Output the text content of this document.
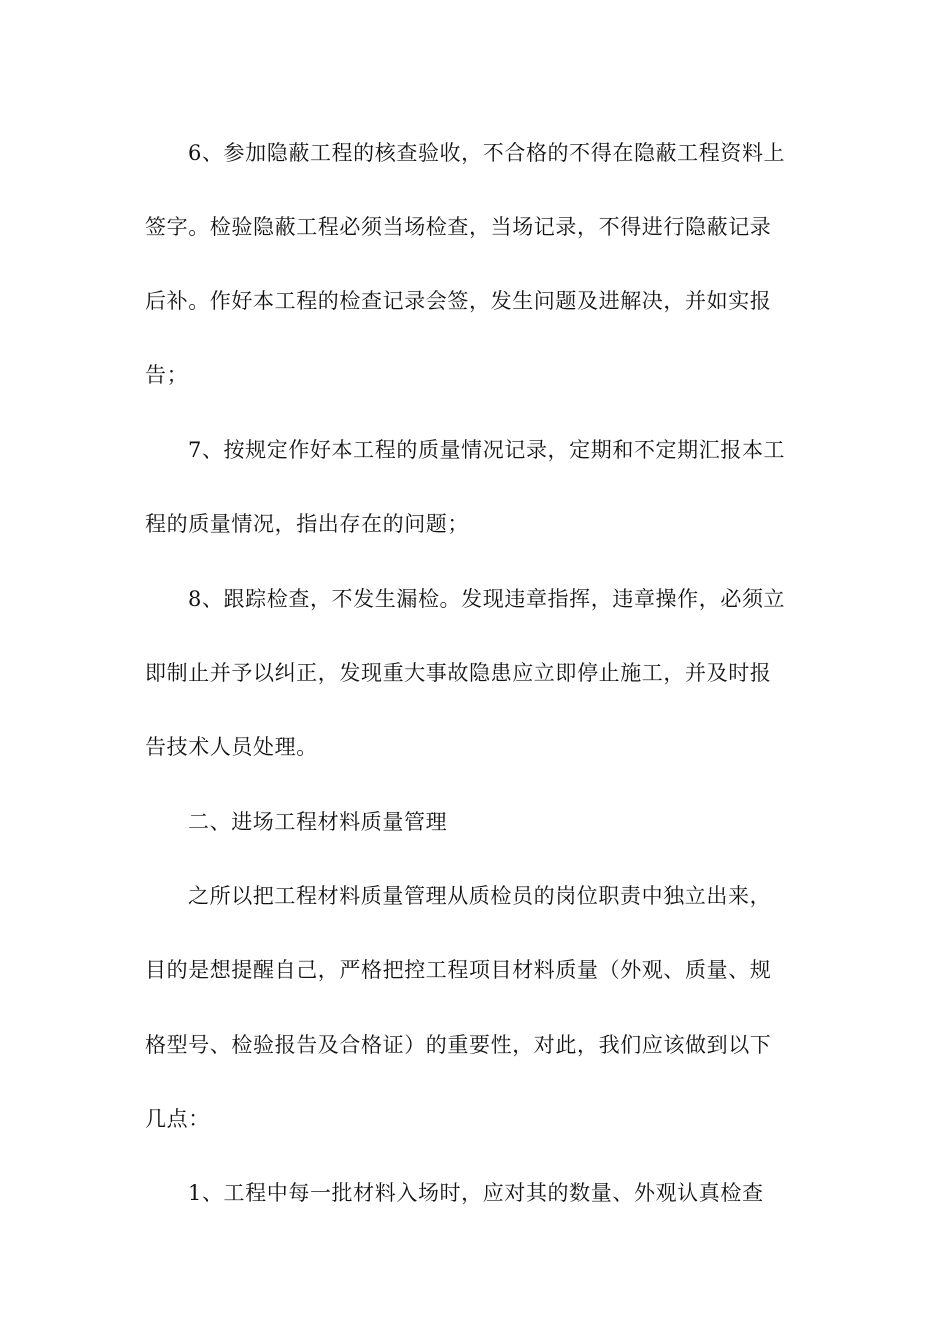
6、参加隐蔽工程的核查验收，不合格的不得在隐蔽工程资料上
签字。检验隐蔽工程必须当场检查，当场记录，不得进行隐蔽记录
后补。作好本工程的检查记录会签，发生问题及进解决，并如实报
告；
7、按规定作好本工程的质量情况记录，定期和不定期汇报本工
程的质量情况，指出存在的问题；
8、跟踪检查，不发生漏检。发现违章指挥，违章操作，必须立
即制止并予以纠正，发现重大事故隐患应立即停止施工，并及时报
告技术人员处理。
二、进场工程材料质量管理
之所以把工程材料质量管理从质检员的岗位职责中独立出来，
目的是想提醒自己，严格把控工程项目材料质量（外观、质量、规
格型号、检验报告及合格证）的重要性，对此，我们应该做到以下
几点：
1、工程中每一批材料入场时，应对其的数量、外观认真检查
